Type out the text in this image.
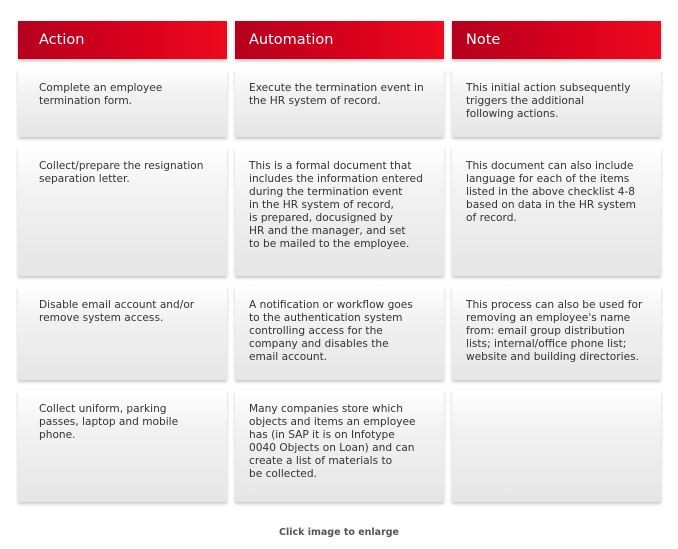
Action	Automation	Note
Complete an employee
termination form.
Execute the termination event in
the HR system of record.
This initial action subsequently
triggers the additional
following actions.
Collect/prepare the resignation
separation letter.
This is a formal document that
includes the information entered
during the termination event
in the HR system of record,
is prepared, docusigned by
HR and the manager, and set
to be mailed to the employee.
This document can also include
language for each of the items
listed in the above checklist 4-8
based on data in the HR system
of record.
Disable email account and/or
remove system access.
A notification or workflow goes
to the authentication system
controlling access for the
company and disables the
email account.
This process can also be used for
removing an employee's name
from: email group distribution
lists; internal/office phone list;
website and building directories.
Collect uniform, parking
passes, laptop and mobile
phone.
Many companies store which
objects and items an employee
has (in SAP it is on Infotype
0040 Objects on Loan) and can
create a list of materials to
be collected.
Click image to enlarge
